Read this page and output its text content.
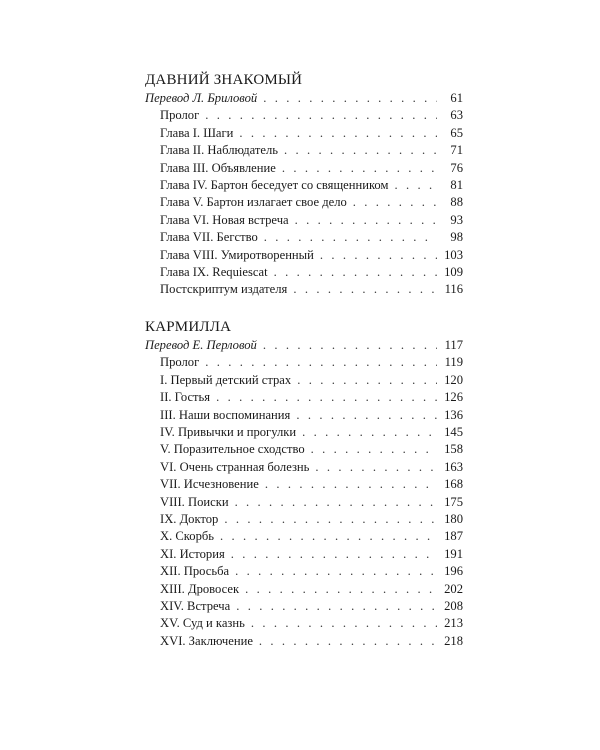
ДАВНИЙ ЗНАКОМЫЙ
Перевод Л. Бриловой . . .	61
Пролог . . .	63
Глава I. Шаги . . .	65
Глава II. Наблюдатель . . .	71
Глава III. Объявление . . .	76
Глава IV. Бартон беседует со священником . . .	81
Глава V. Бартон излагает свое дело . . .	88
Глава VI. Новая встреча . . .	93
Глава VII. Бегство . . .	98
Глава VIII. Умиротворенный . . .	103
Глава IX. Requiescat . . .	109
Постскриптум издателя . . .	116
КАРМИЛЛА
Перевод Е. Перловой . . .	117
Пролог . . .	119
I. Первый детский страх . . .	120
II. Гостья . . .	126
III. Наши воспоминания . . .	136
IV. Привычки и прогулки . . .	145
V. Поразительное сходство . . .	158
VI. Очень странная болезнь . . .	163
VII. Исчезновение . . .	168
VIII. Поиски . . .	175
IX. Доктор . . .	180
X. Скорбь . . .	187
XI. История . . .	191
XII. Просьба . . .	196
XIII. Дровосек . . .	202
XIV. Встреча . . .	208
XV. Суд и казнь . . .	213
XVI. Заключение . . .	218
